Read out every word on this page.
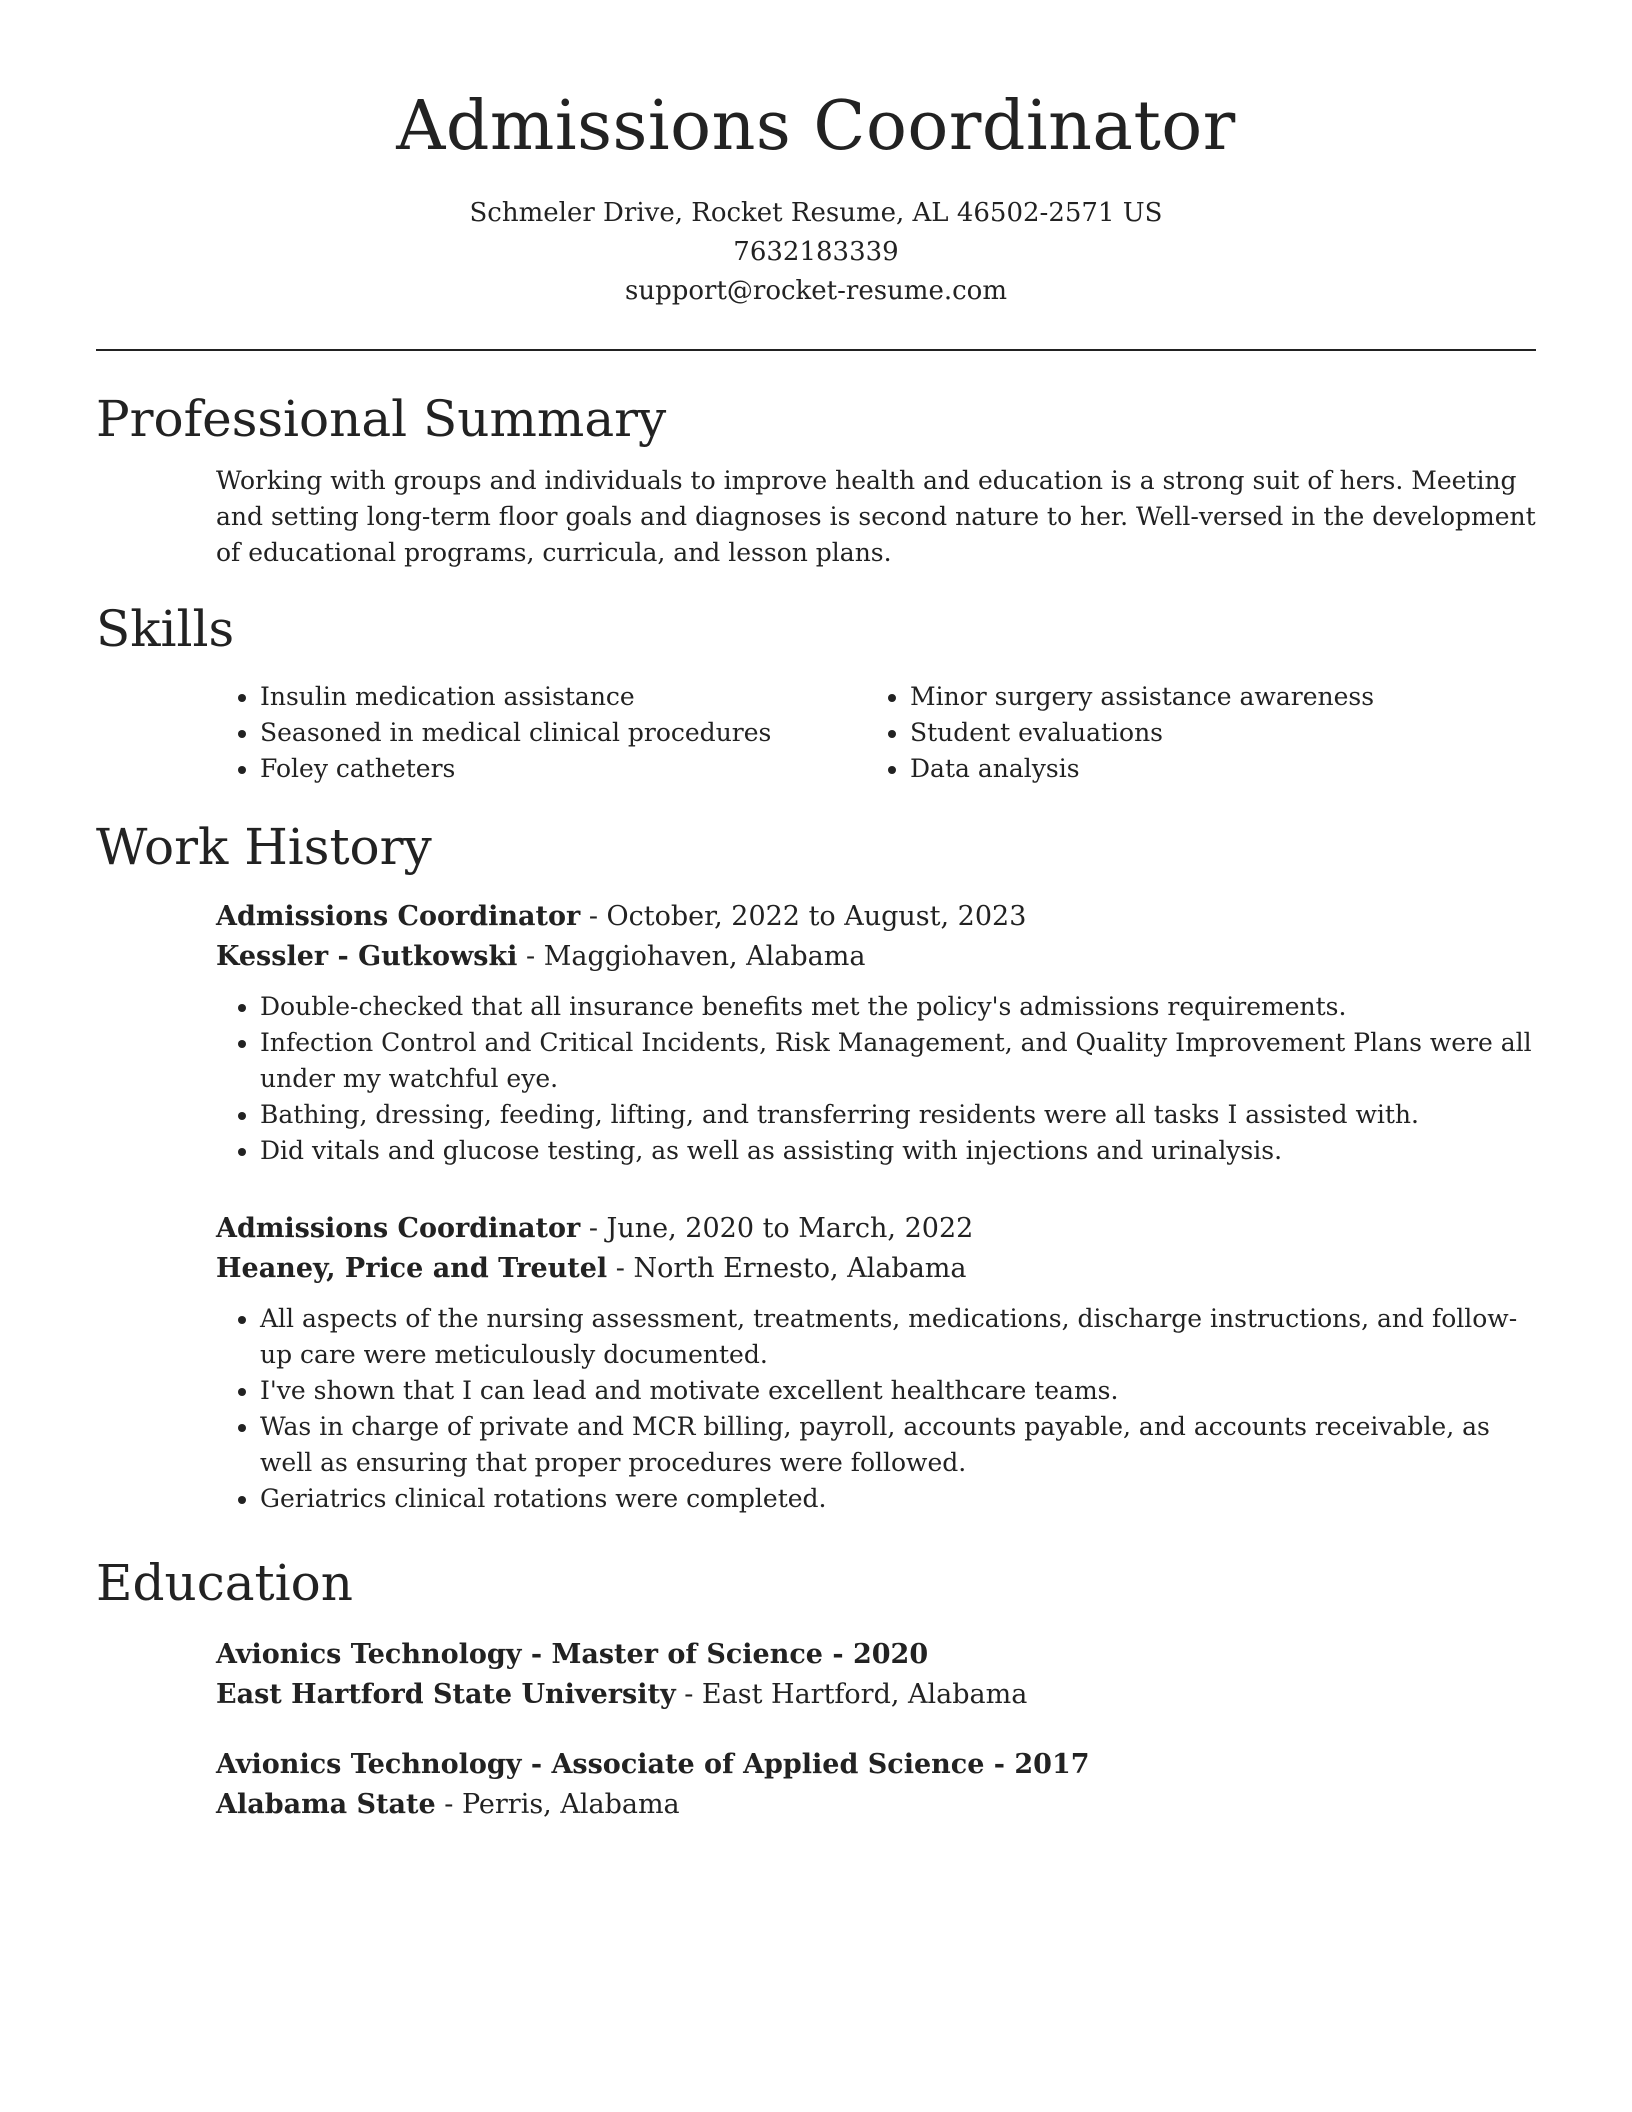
Admissions Coordinator
Schmeler Drive, Rocket Resume, AL 46502-2571 US
7632183339
support@rocket-resume.com
Professional Summary

Working with groups and individuals to improve health and education is a strong suit of hers. Meeting and setting long-term floor goals and diagnoses is second nature to her. Well-versed in the development of educational programs, curricula, and lesson plans.

Skills
• Insulin medication assistance
• Seasoned in medical clinical procedures
• Foley catheters
• Minor surgery assistance awareness
• Student evaluations
• Data analysis
Work History
Admissions Coordinator - October, 2022 to August, 2023
Kessler - Gutkowski - Maggiohaven, Alabama
• Double-checked that all insurance benefits met the policy's admissions requirements.
• Infection Control and Critical Incidents, Risk Management, and Quality Improvement Plans were all under my watchful eye.
• Bathing, dressing, feeding, lifting, and transferring residents were all tasks I assisted with.
• Did vitals and glucose testing, as well as assisting with injections and urinalysis.
Admissions Coordinator - June, 2020 to March, 2022
Heaney, Price and Treutel - North Ernesto, Alabama
• All aspects of the nursing assessment, treatments, medications, discharge instructions, and follow-up care were meticulously documented.
• I've shown that I can lead and motivate excellent healthcare teams.
• Was in charge of private and MCR billing, payroll, accounts payable, and accounts receivable, as well as ensuring that proper procedures were followed.
• Geriatrics clinical rotations were completed.
Education
Avionics Technology - Master of Science - 2020
East Hartford State University - East Hartford, Alabama
Avionics Technology - Associate of Applied Science - 2017
Alabama State - Perris, Alabama
